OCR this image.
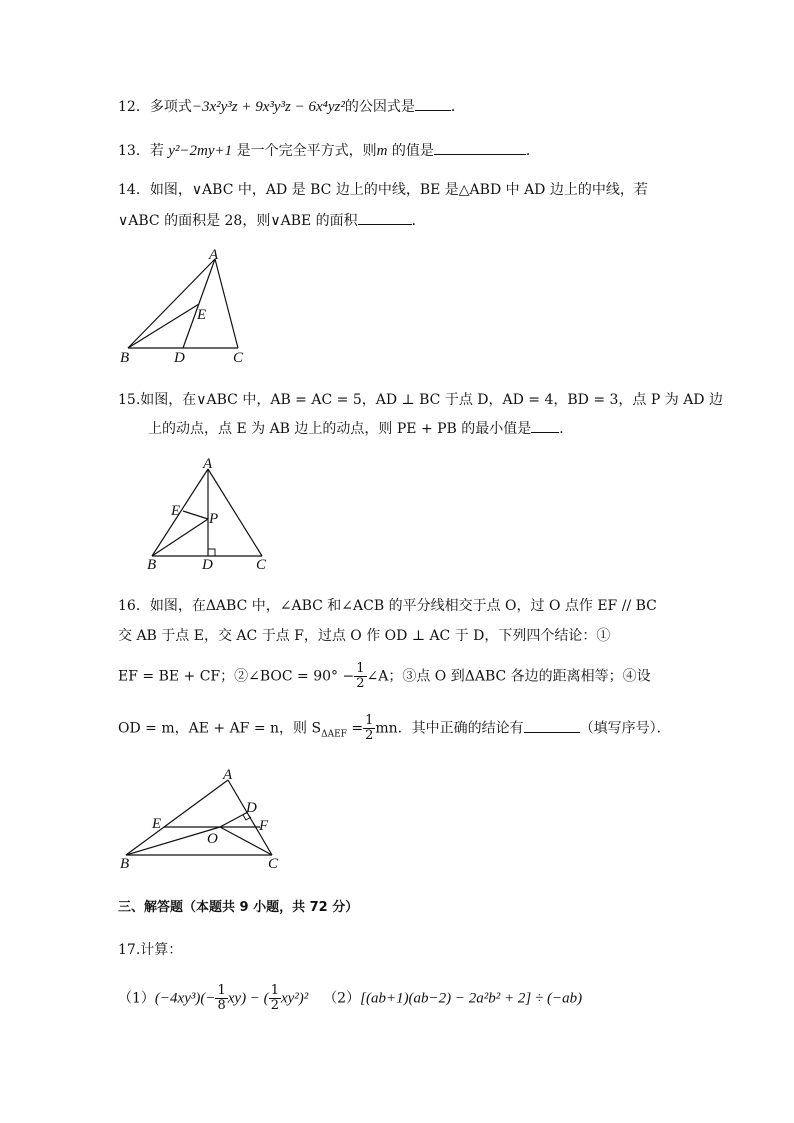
12．多项式−3x²y³z + 9x³y³z − 6x⁴yz²的公因式是	．
13．若 y²−2my+1 是一个完全平方式，则m 的值是	．
14．如图，∨ABC 中，AD 是 BC 边上的中线，BE 是△ABD 中 AD 边上的中线，若
∨ABC 的面积是 28，则∨ABE 的面积	．
A
E
B	D	C
15.如图，在∨ABC 中，AB = AC = 5，AD ⊥ BC 于点 D，AD = 4，BD = 3，点 P 为 AD 边
上的动点，点 E 为 AB 边上的动点，则 PE + PB 的最小值是 ．
A
E P
B	D	C
16．如图，在ΔABC 中，∠ABC 和∠ACB 的平分线相交于点 O，过 O 点作 EF // BC
交 AB 于点 E，交 AC 于点 F，过点 O 作 OD ⊥ AC 于 D，下列四个结论：①
EF = BE + CF；②∠BOC = $90^\circ - \frac{1}{2}$ ∠A；③点 O 到ΔABC 各边的距离相等；④设
OD = m，AE + AF = n，则 $S_{\Delta AEF} = \frac{1}{2}$ mn．其中正确的结论有	（填写序号）．
A
D
E	F
O
B	C
三、解答题（本题共 9 小题，共 72 分）
17.计算：
$(1)(-4xy^3)(- \frac{1}{8} xy)$ − ( $\frac{1}{2} xy^2)^2$ （2）[(ab+1)(ab−2) − 2a²b² + 2] ÷ (−ab)
